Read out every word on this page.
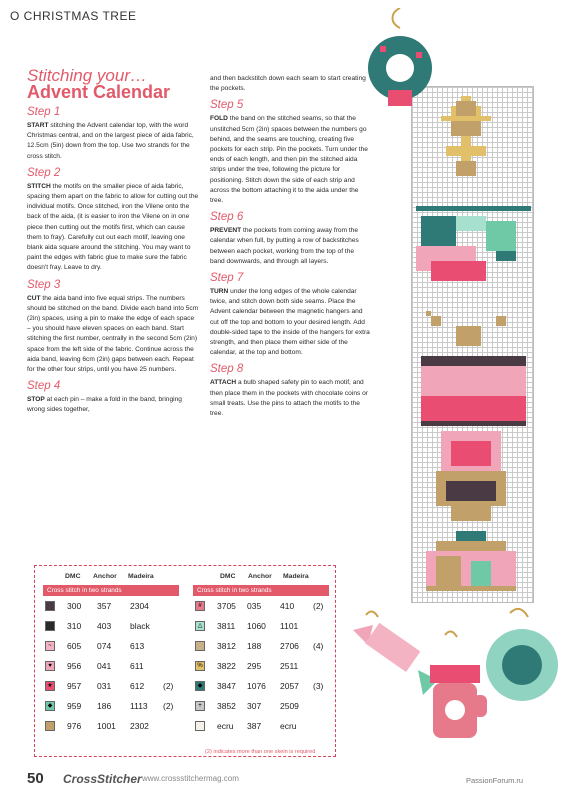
O CHRISTMAS TREE
Stitching your…
Advent Calendar
Step 1

START stitching the Advent calendar top, with the word Christmas central, and on the largest piece of aida fabric, 12.5cm (5in) down from the top. Use two strands for the cross stitch.

Step 2

STITCH the motifs on the smaller piece of aida fabric, spacing them apart on the fabric to allow for cutting out the individual motifs. Once stitched, iron the Vilene onto the back of the aida, (it is easier to iron the Vilene on in one piece then cutting out the motifs first, which can cause them to fray). Carefully cut out each motif, leaving one blank aida square around the stitching. You may want to paint the edges with fabric glue to make sure the fabric doesn't fray. Leave to dry.

Step 3

CUT the aida band into five equal strips. The numbers should be stitched on the band. Divide each band into 5cm (2in) spaces, using a pin to make the edge of each space – you should have eleven spaces on each band. Start stitching the first number, centrally in the second 5cm (2in) space from the left side of the fabric. Continue across the aida band, leaving 6cm (2in) gaps between each. Repeat for the other four strips, until you have 25 numbers.

Step 4

STOP at each pin – make a fold in the band, bringing wrong sides together,

and then backstitch down each seam to start creating the pockets.

Step 5

FOLD the band on the stitched seams, so that the unstitched 5cm (2in) spaces between the numbers go behind, and the seams are touching, creating five pockets for each strip. Pin the pockets. Turn under the ends of each length, and then pin the stitched aida strips under the tree, following the picture for positioning. Stitch down the side of each strip and across the bottom attaching it to the aida under the tree.

Step 6

PREVENT the pockets from coming away from the calendar when full, by putting a row of backstitches between each pocket, working from the top of the band downwards, and through all layers.

Step 7

TURN under the long edges of the whole calendar twice, and stitch down both side seams. Place the Advent calendar between the magnetic hangers and cut off the top and bottom to your desired length. Add double-sided tape to the inside of the hangers for extra strength, and then place them either side of the calendar, at the top and bottom.

Step 8

ATTACH a bulb shaped safety pin to each motif, and then place them in the pockets with chocolate coins or small treats. Use the pins to attach the motifs to the tree.

DMC Anchor Madeira	DMC Anchor Madeira
Cross stitch in two strands	Cross stitch in two strands
300 357 2304
310 403 black
~	605 074 613
♥	956 041 611
★ 957 031 612 (2)
◆	959 186 1113 (2)
976 1001 2302
#	3705 035 410 (2)
△	3811 1060 1101
3812 188 2706 (4)
% 3822 295 2511
◆	3847 1076 2057 (3)
+	3852 307 2509
ecru 387 ecru
(2) indicates more than one skein is required
50 CrossStitcher www.crossstitchermag.com	PassionForum.ru
